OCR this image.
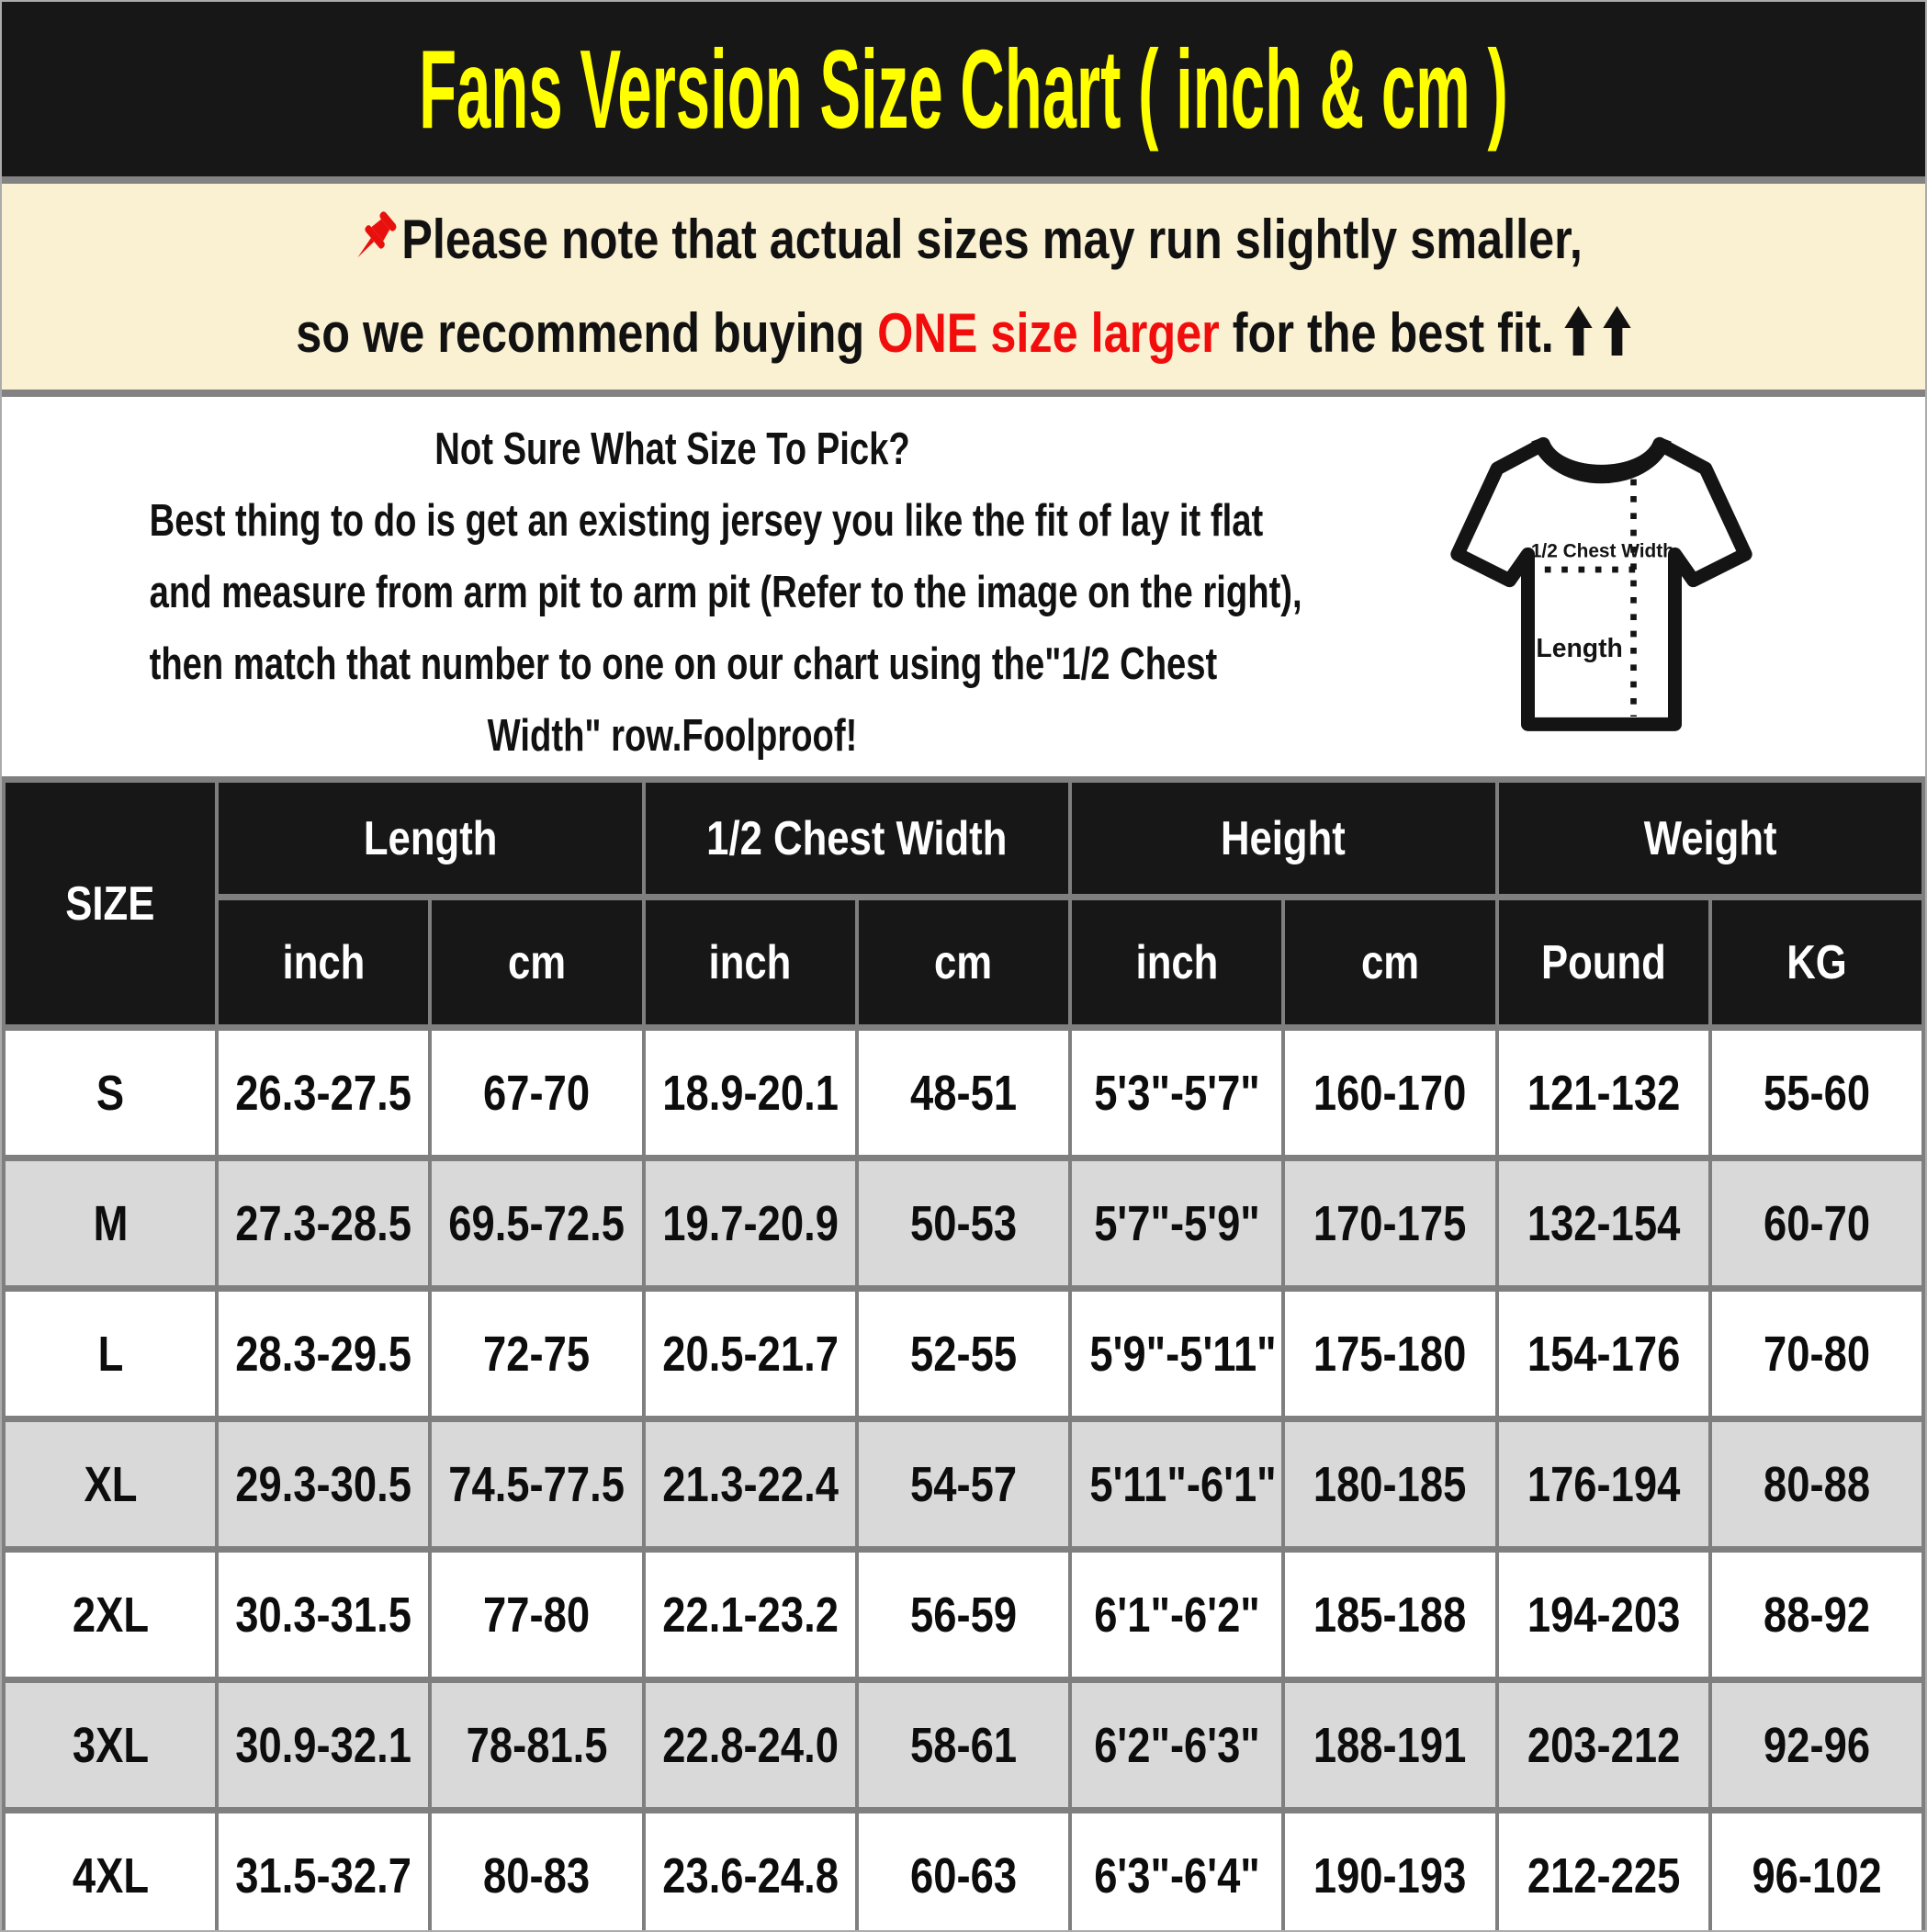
Fans Version Size Chart ( inch & cm )

Please note that actual sizes may run slightly smaller,

so we recommend buying ONE size larger for the best fit.

Not Sure What Size To Pick?

Best thing to do is get an existing jersey you like the fit of lay it flat

and measure from arm pit to arm pit (Refer to the image on the right),

then match that number to one on our chart using the"1/2 Chest

Width" row.Foolproof!

1/2 Chest Width
Length
SIZE	Length		1/2 Chest Width		Height		Weight	
	inch	cm	inch	cm	inch	cm	Pound	KG
S	26.3-27.5	67-70	18.9-20.1	48-51	5'3"-5'7"	160-170	121-132	55-60
M	27.3-28.5	69.5-72.5	19.7-20.9	50-53	5'7"-5'9"	170-175	132-154	60-70
L	28.3-29.5	72-75	20.5-21.7	52-55	5'9"-5'11"	175-180	154-176	70-80
XL	29.3-30.5	74.5-77.5	21.3-22.4	54-57	5'11"-6'1"	180-185	176-194	80-88
2XL	30.3-31.5	77-80	22.1-23.2	56-59	6'1"-6'2"	185-188	194-203	88-92
3XL	30.9-32.1	78-81.5	22.8-24.0	58-61	6'2"-6'3"	188-191	203-212	92-96
4XL	31.5-32.7	80-83	23.6-24.8	60-63	6'3"-6'4"	190-193	212-225	96-102
